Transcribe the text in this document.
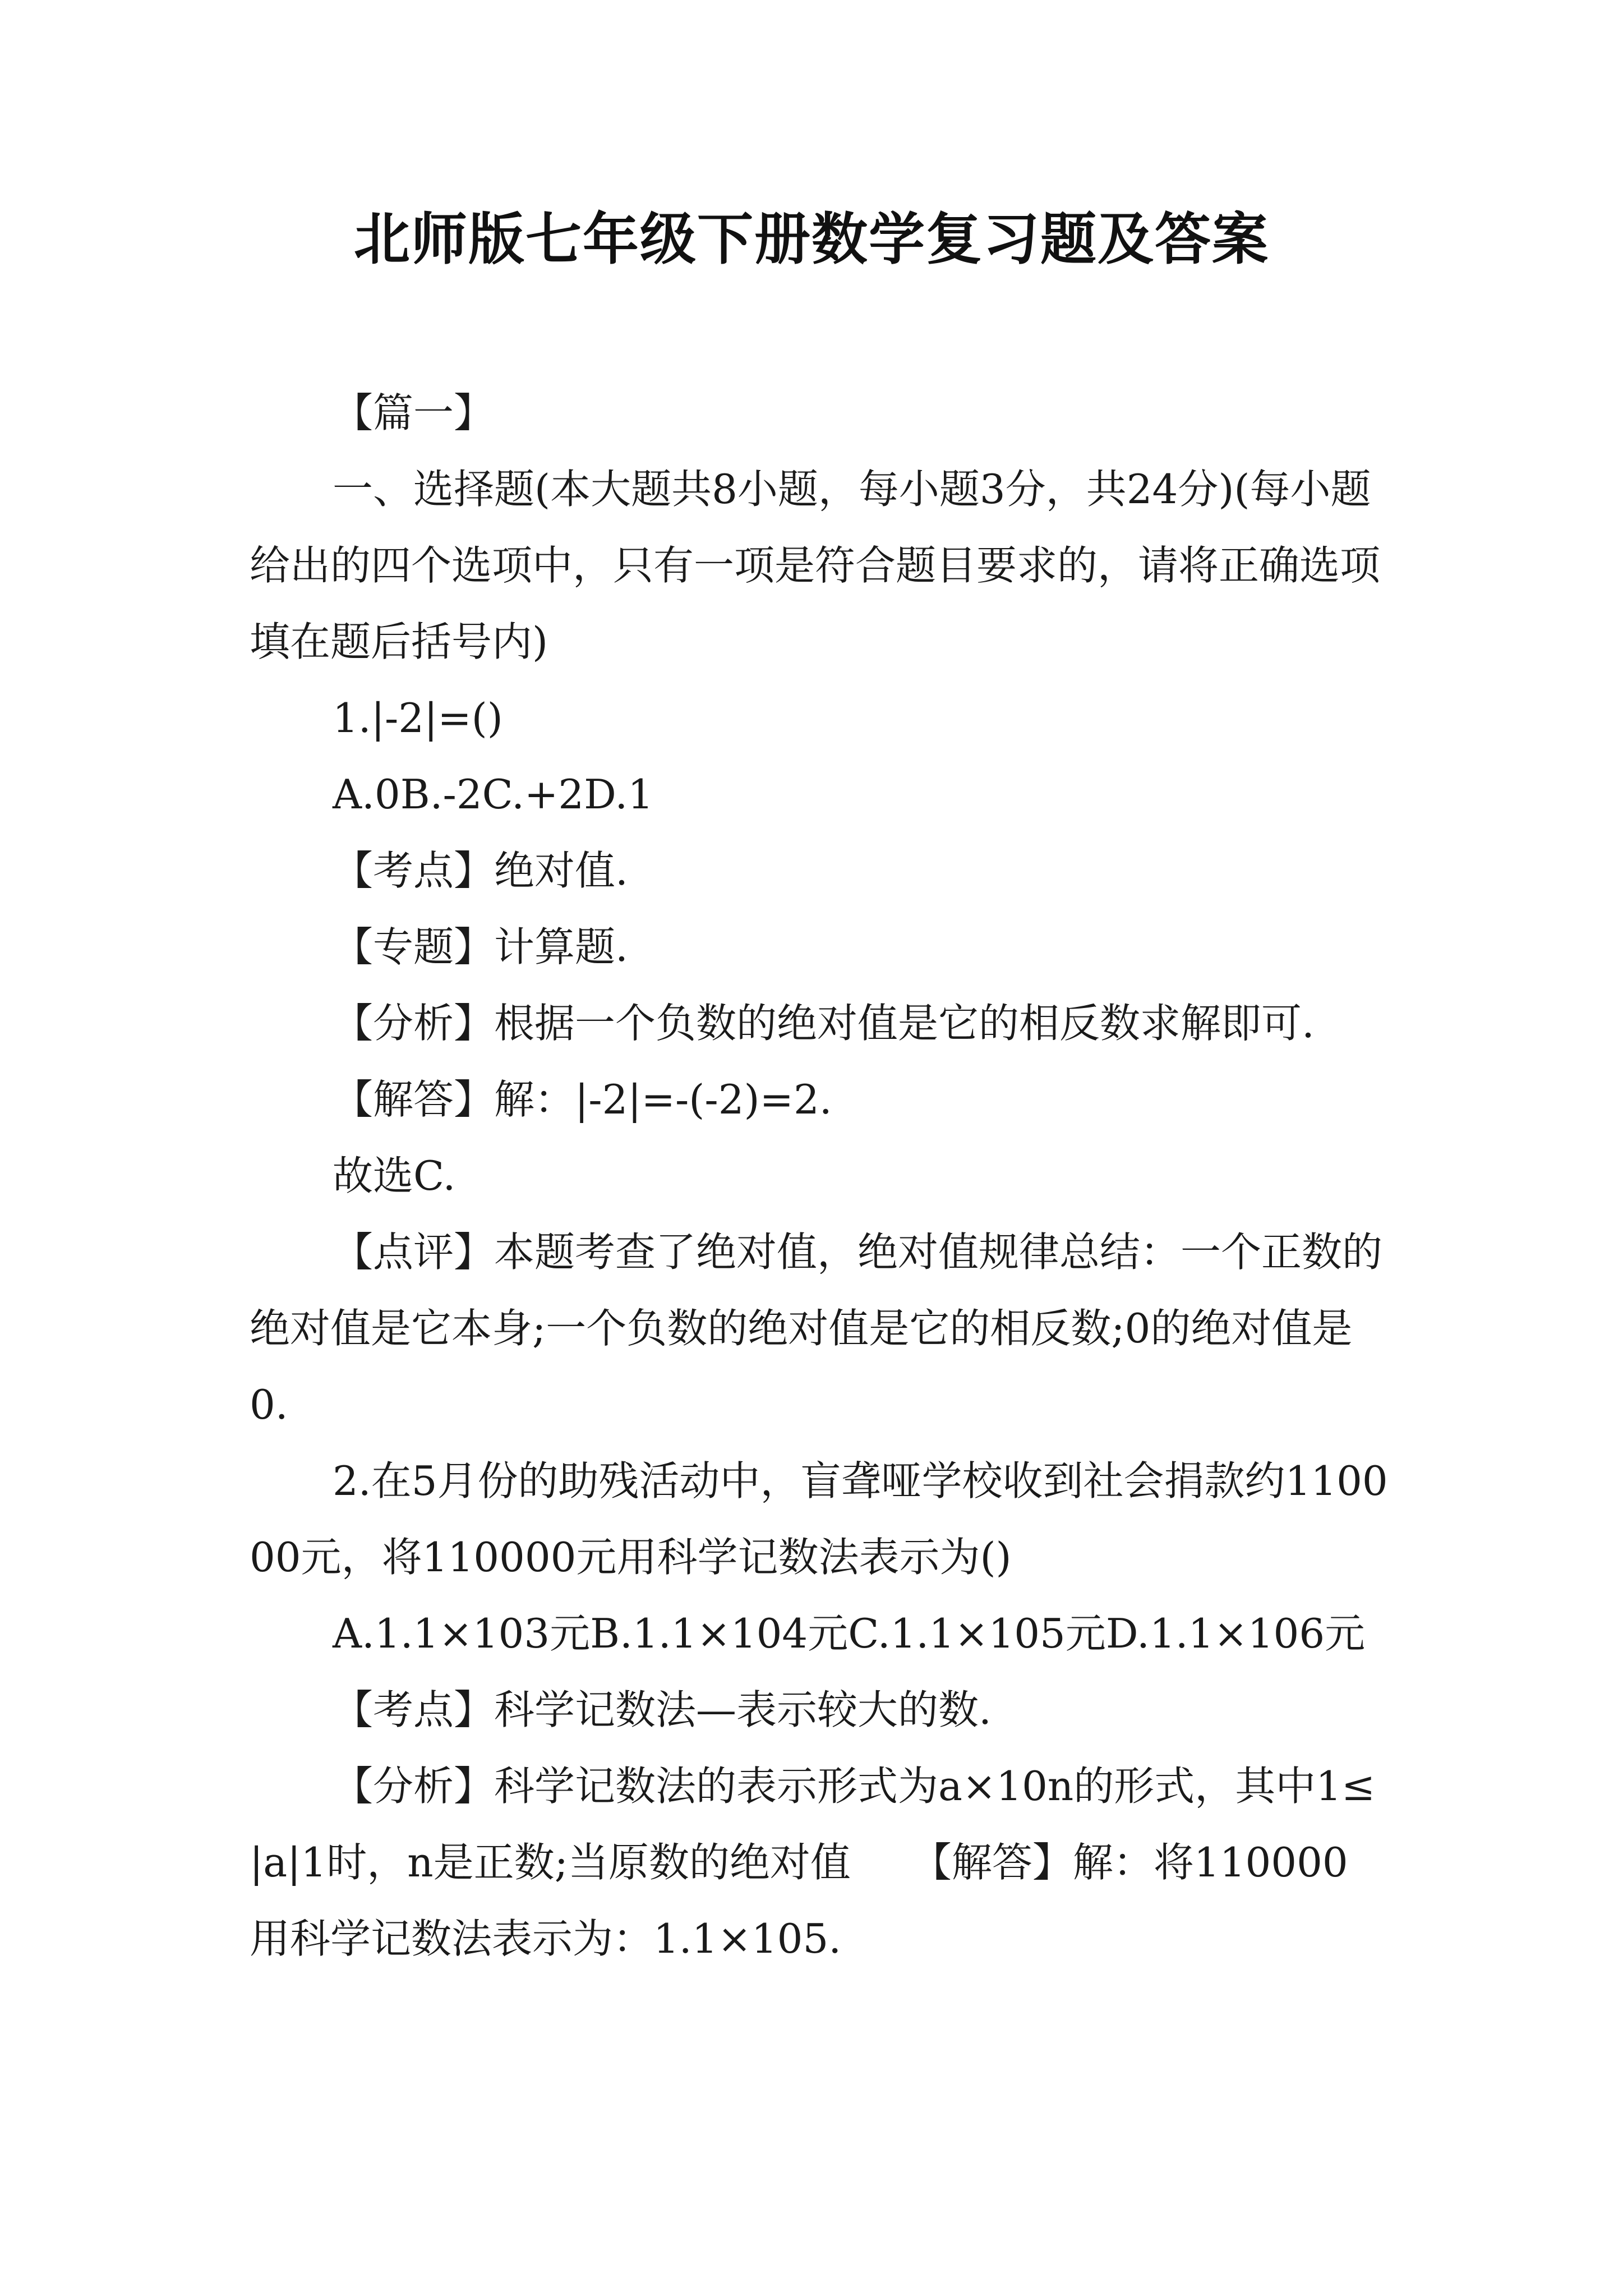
北师版七年级下册数学复习题及答案

【篇一】

一、选择题(本大题共8小题，每小题3分，共24分)(每小题给出的四个选项中，只有一项是符合题目要求的，请将正确选项填在题后括号内)

1.|-2|=()

A.0B.-2C.+2D.1

【考点】绝对值.

【专题】计算题.

【分析】根据一个负数的绝对值是它的相反数求解即可.

【解答】解：|-2|=-(-2)=2.

故选C.

【点评】本题考查了绝对值，绝对值规律总结：一个正数的绝对值是它本身;一个负数的绝对值是它的相反数;0的绝对值是0.

2.在5月份的助残活动中，盲聋哑学校收到社会捐款约110000元，将110000元用科学记数法表示为()

A.1.1×103元B.1.1×104元C.1.1×105元D.1.1×106元

【考点】科学记数法—表示较大的数.

【分析】科学记数法的表示形式为a×10n的形式，其中1≤|a|1时，n是正数;当原数的绝对值　　【解答】解：将110000用科学记数法表示为：1.1×105.
